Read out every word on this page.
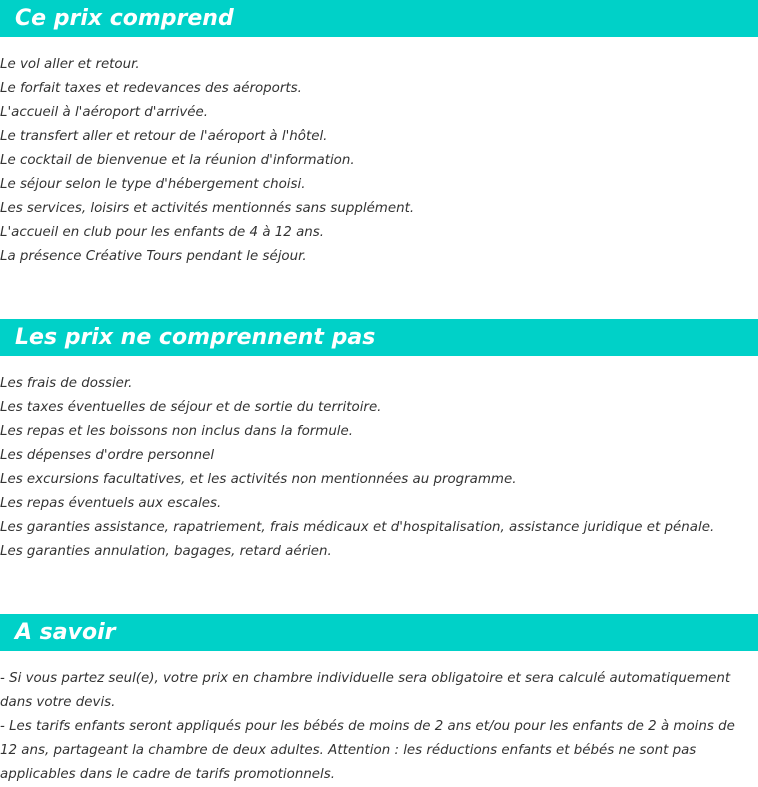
Ce prix comprend
Le vol aller et retour.
Le forfait taxes et redevances des aéroports.
L'accueil à l'aéroport d'arrivée.
Le transfert aller et retour de l'aéroport à l'hôtel.
Le cocktail de bienvenue et la réunion d'information.
Le séjour selon le type d'hébergement choisi.
Les services, loisirs et activités mentionnés sans supplément.
L'accueil en club pour les enfants de 4 à 12 ans.
La présence Créative Tours pendant le séjour.
Les prix ne comprennent pas
Les frais de dossier.
Les taxes éventuelles de séjour et de sortie du territoire.
Les repas et les boissons non inclus dans la formule.
Les dépenses d'ordre personnel
Les excursions facultatives, et les activités non mentionnées au programme.
Les repas éventuels aux escales.
Les garanties assistance, rapatriement, frais médicaux et d'hospitalisation, assistance juridique et pénale.
Les garanties annulation, bagages, retard aérien.
A savoir

- Si vous partez seul(e), votre prix en chambre individuelle sera obligatoire et sera calculé automatiquement dans votre devis.

- Les tarifs enfants seront appliqués pour les bébés de moins de 2 ans et/ou pour les enfants de 2 à moins de 12 ans, partageant la chambre de deux adultes. Attention : les réductions enfants et bébés ne sont pas applicables dans le cadre de tarifs promotionnels.
